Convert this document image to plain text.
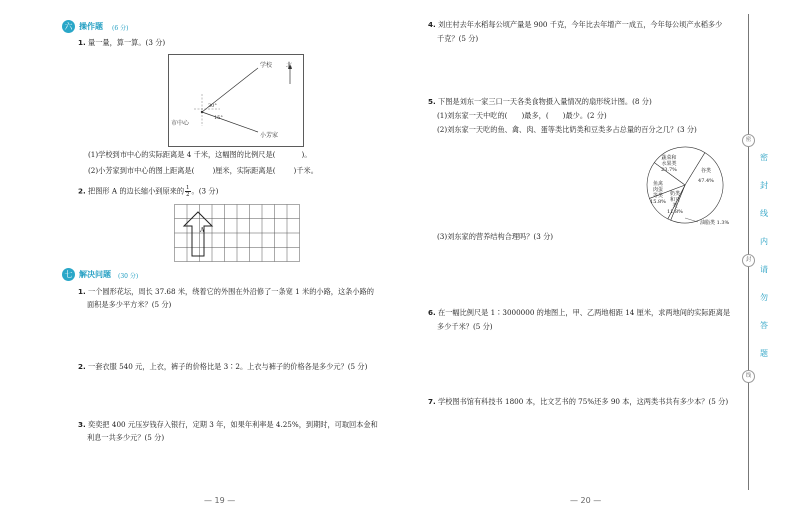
六 操作题 (6 分)
1. 量一量，算一算。(3 分)
北
学校
市中心
小芳家
30°
15°
(1)学校到市中心的实际距离是 4 千米，这幅图的比例尺是(	)。
(2)小芳家到市中心的图上距离是(	)厘米，实际距离是(	)千米。
2. 把图形 A 的边长缩小到原来的 $\frac{1}{2}$ 。(3 分)
A
七 解决问题 (30 分)
1. 一个圆形花坛，周长 37.68 米，绕着它的外围在外沿修了一条宽 1 米的小路，这条小路的
面积是多少平方米？(5 分)
2. 一套衣服 540 元，上衣，裤子的价格比是 3∶2。上衣与裤子的价格各是多少元？(5 分)
3. 奕奕把 400 元压岁钱存入银行，定期 3 年，如果年利率是 4.25%，到期时，可取回本金和
利息一共多少元？(5 分)
— 19 —
4. 刘庄村去年水稻每公顷产量是 900 千克，今年比去年增产一成五，今年每公顷产水稻多少
千克？(5 分)
5. 下图是刘东一家三口一天各类食物摄入量情况的扇形统计图。(8 分)
(1)刘东家一天中吃的( )最多，( )最少。(2 分)
(2)刘东家一天吃的鱼、禽、肉、蛋等类比奶类和豆类多占总量的百分之几？(3 分)
(3)刘东家的营养结构合理吗？(3 分)
蔬菜和
水果类
23.7%	谷类
47.4%
鱼禽
肉蛋
等类
15.8%
奶类
和豆
类
11.8%
油脂类 1.3%
6. 在一幅比例尺是 1∶3000000 的地图上，甲、乙两地相距 14 厘米，求两地间的实际距离是
多少千米？(5 分)
7. 学校图书馆有科技书 1800 本，比文艺书的 75%还多 90 本，这两类书共有多少本？(5 分)
— 20 —
密
封
线
密
封
线
内
请
勿
答
题
